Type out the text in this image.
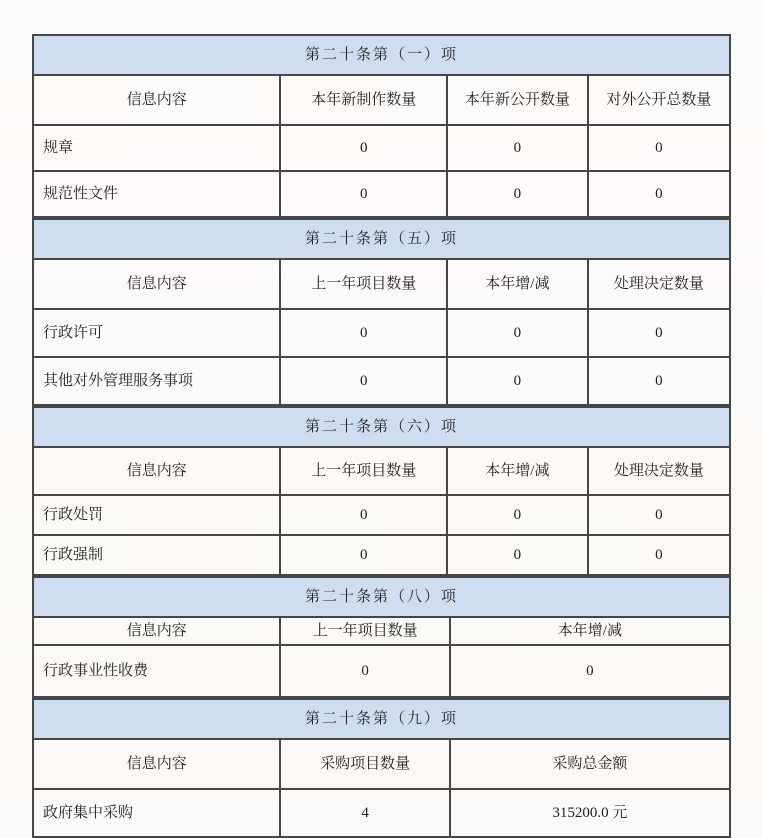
第二十条第（一）项			
信息内容	本年新制作数量	本年新公开数量	对外公开总数量
规章	0	0	0
规范性文件	0	0	0
第二十条第（五）项			
信息内容	上一年项目数量	本年增/减	处理决定数量
行政许可	0	0	0
其他对外管理服务事项	0	0	0
第二十条第（六）项			
信息内容	上一年项目数量	本年增/减	处理决定数量
行政处罚	0	0	0
行政强制	0	0	0
第二十条第（八）项		
信息内容	上一年项目数量	本年增/减
行政事业性收费	0	0
第二十条第（九）项		
信息内容	采购项目数量	采购总金额
政府集中采购	4	315200.0 元
